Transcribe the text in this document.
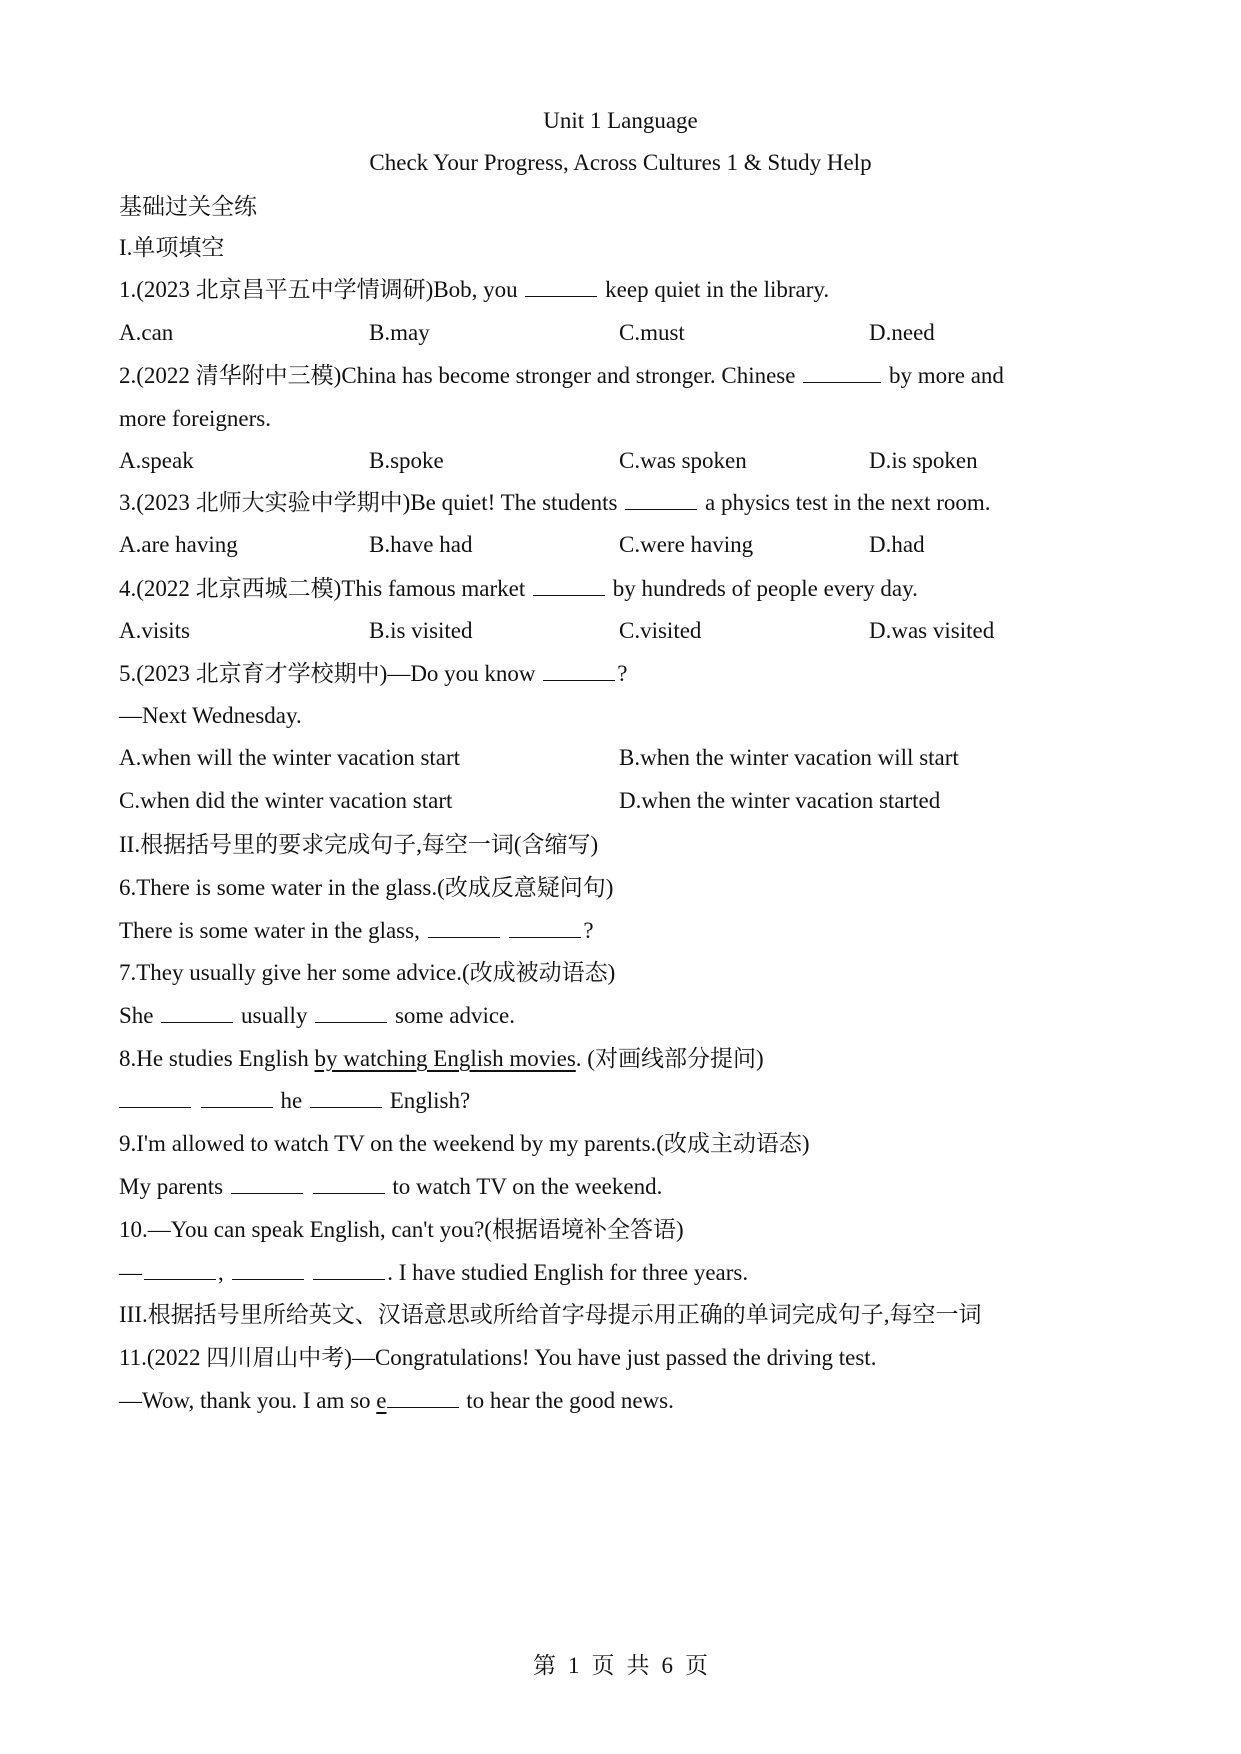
Unit 1 Language
Check Your Progress, Across Cultures 1 & Study Help
基础过关全练
I.单项填空
1.(2023 北京昌平五中学情调研)Bob, you	keep quiet in the library.
A.can	B.may	C.must	D.need
2.(2022 清华附中三模)China has become stronger and stronger. Chinese	by more and
more foreigners.
A.speak	B.spoke	C.was spoken	D.is spoken
3.(2023 北师大实验中学期中)Be quiet! The students	a physics test in the next room.
A.are having	B.have had	C.were having	D.had
4.(2022 北京西城二模)This famous market	by hundreds of people every day.
A.visits	B.is visited	C.visited	D.was visited
5.(2023 北京育才学校期中)—Do you know	?
—Next Wednesday.
A.when will the winter vacation start	B.when the winter vacation will start
C.when did the winter vacation start	D.when the winter vacation started
II.根据括号里的要求完成句子,每空一词(含缩写)
6.There is some water in the glass.(改成反意疑问句)
There is some water in the glass,	?
7.They usually give her some advice.(改成被动语态)
She	usually	some advice.
8.He studies English by watching English movies. (对画线部分提问)
he	English?
9.I'm allowed to watch TV on the weekend by my parents.(改成主动语态)
My parents	to watch TV on the weekend.
10.—You can speak English, can't you?(根据语境补全答语)
—	,	. I have studied English for three years.
III.根据括号里所给英文、汉语意思或所给首字母提示用正确的单词完成句子,每空一词
11.(2022 四川眉山中考)—Congratulations! You have just passed the driving test.
—Wow, thank you. I am so e	to hear the good news.
第 1 页 共 6 页
